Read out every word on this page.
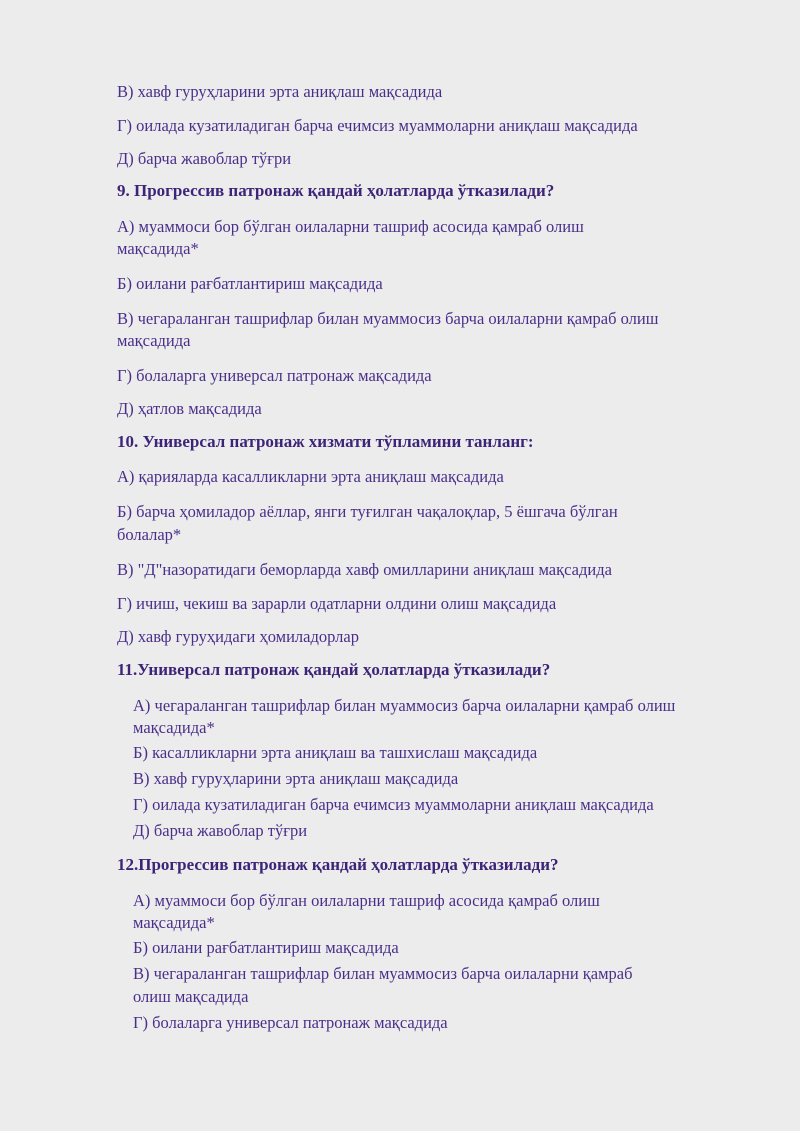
В) хавф гуруҳларини эрта аниқлаш мақсадида
Г) оилада кузатиладиган барча ечимсиз муаммоларни аниқлаш мақсадида
Д) барча жавоблар тўғри
9. Прогрессив патронаж қандай ҳолатларда ўтказилади?
А) муаммоси бор бўлган оилаларни ташриф асосида қамраб олиш
мақсадида*
Б) оилани рағбатлантириш мақсадида
В) чегараланган ташрифлар билан муаммосиз барча оилаларни қамраб олиш
мақсадида
Г) болаларга универсал патронаж мақсадида
Д) ҳатлов мақсадида
10. Универсал патронаж хизмати тўпламини танланг:
А) қарияларда касалликларни эрта аниқлаш мақсадида
Б) барча ҳомиладор аёллар, янги туғилган чақалоқлар, 5 ёшгача бўлган
болалар*
В) "Д"назоратидаги беморларда хавф омилларини аниқлаш мақсадида
Г) ичиш, чекиш ва зарарли одатларни олдини олиш мақсадида
Д) хавф гуруҳидаги ҳомиладорлар
11.Универсал патронаж қандай ҳолатларда ўтказилади?
А) чегараланган ташрифлар билан муаммосиз барча оилаларни қамраб олиш
мақсадида*
Б) касалликларни эрта аниқлаш ва ташхислаш мақсадида
В) хавф гуруҳларини эрта аниқлаш мақсадида
Г) оилада кузатиладиган барча ечимсиз муаммоларни аниқлаш мақсадида
Д) барча жавоблар тўғри
12.Прогрессив патронаж қандай ҳолатларда ўтказилади?
А) муаммоси бор бўлган оилаларни ташриф асосида қамраб олиш
мақсадида*
Б) оилани рағбатлантириш мақсадида
В) чегараланган ташрифлар билан муаммосиз барча оилаларни қамраб
олиш мақсадида
Г) болаларга универсал патронаж мақсадида
